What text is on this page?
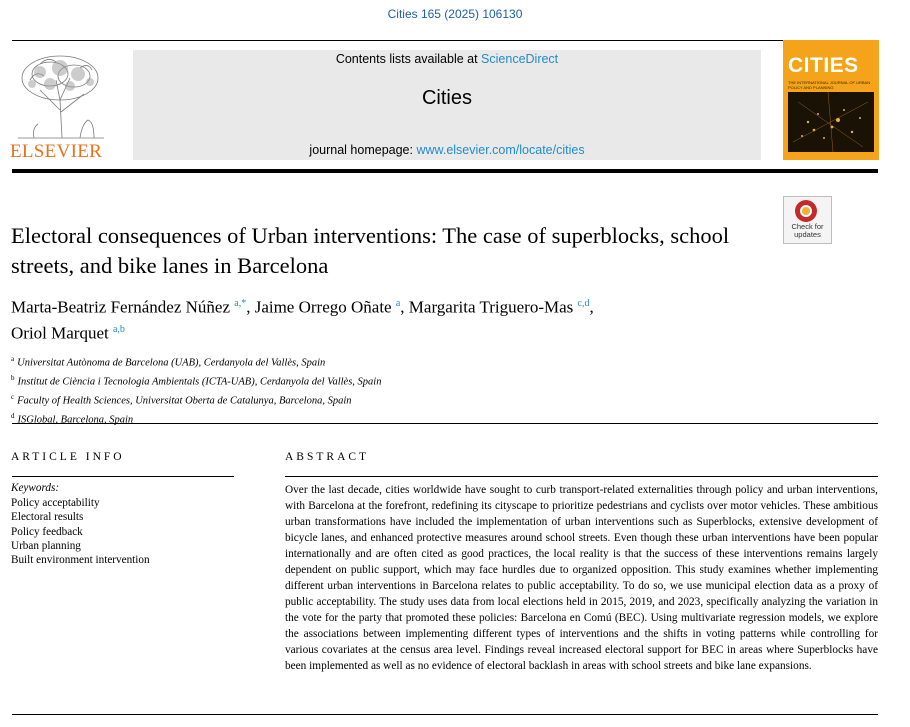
Cities 165 (2025) 106130
ELSEVIER
Contents lists available at ScienceDirect
Cities
journal homepage: www.elsevier.com/locate/cities
CITIES
THE INTERNATIONAL JOURNAL OF URBAN POLICY AND PLANNING
Check for updates
Electoral consequences of Urban interventions: The case of superblocks, school streets, and bike lanes in Barcelona
Marta-Beatriz Fernández Núñez $^{a,*}$, Jaime Orrego Oñate $^a$, Margarita Triguero-Mas $^{c,d}$,
Oriol Marquet $^{a,b}$
$^a$ Universitat Autònoma de Barcelona (UAB), Cerdanyola del Vallès, Spain
$^b$ Institut de Ciència i Tecnologia Ambientals (ICTA-UAB), Cerdanyola del Vallès, Spain
$^c$ Faculty of Health Sciences, Universitat Oberta de Catalunya, Barcelona, Spain
$^d$ ISGlobal, Barcelona, Spain
ARTICLE INFO	ABSTRACT
Keywords:
Policy acceptability
Electoral results
Policy feedback
Urban planning
Built environment intervention
Over the last decade, cities worldwide have sought to curb transport-related externalities through policy and urban interventions, with Barcelona at the forefront, redefining its cityscape to prioritize pedestrians and cyclists over motor vehicles. These ambitious urban transformations have included the implementation of urban interventions such as Superblocks, extensive development of bicycle lanes, and enhanced protective measures around school streets. Even though these urban interventions have been popular internationally and are often cited as good practices, the local reality is that the success of these interventions remains largely dependent on public support, which may face hurdles due to organized opposition. This study examines whether implementing different urban interventions in Barcelona relates to public acceptability. To do so, we use municipal election data as a proxy of public acceptability. The study uses data from local elections held in 2015, 2019, and 2023, specifically analyzing the variation in the vote for the party that promoted these policies: Barcelona en Comú (BEC). Using multivariate regression models, we explore the associations between implementing different types of interventions and the shifts in voting patterns while controlling for various covariates at the census area level. Findings reveal increased electoral support for BEC in areas where Superblocks have been implemented as well as no evidence of electoral backlash in areas with school streets and bike lane expansions.
